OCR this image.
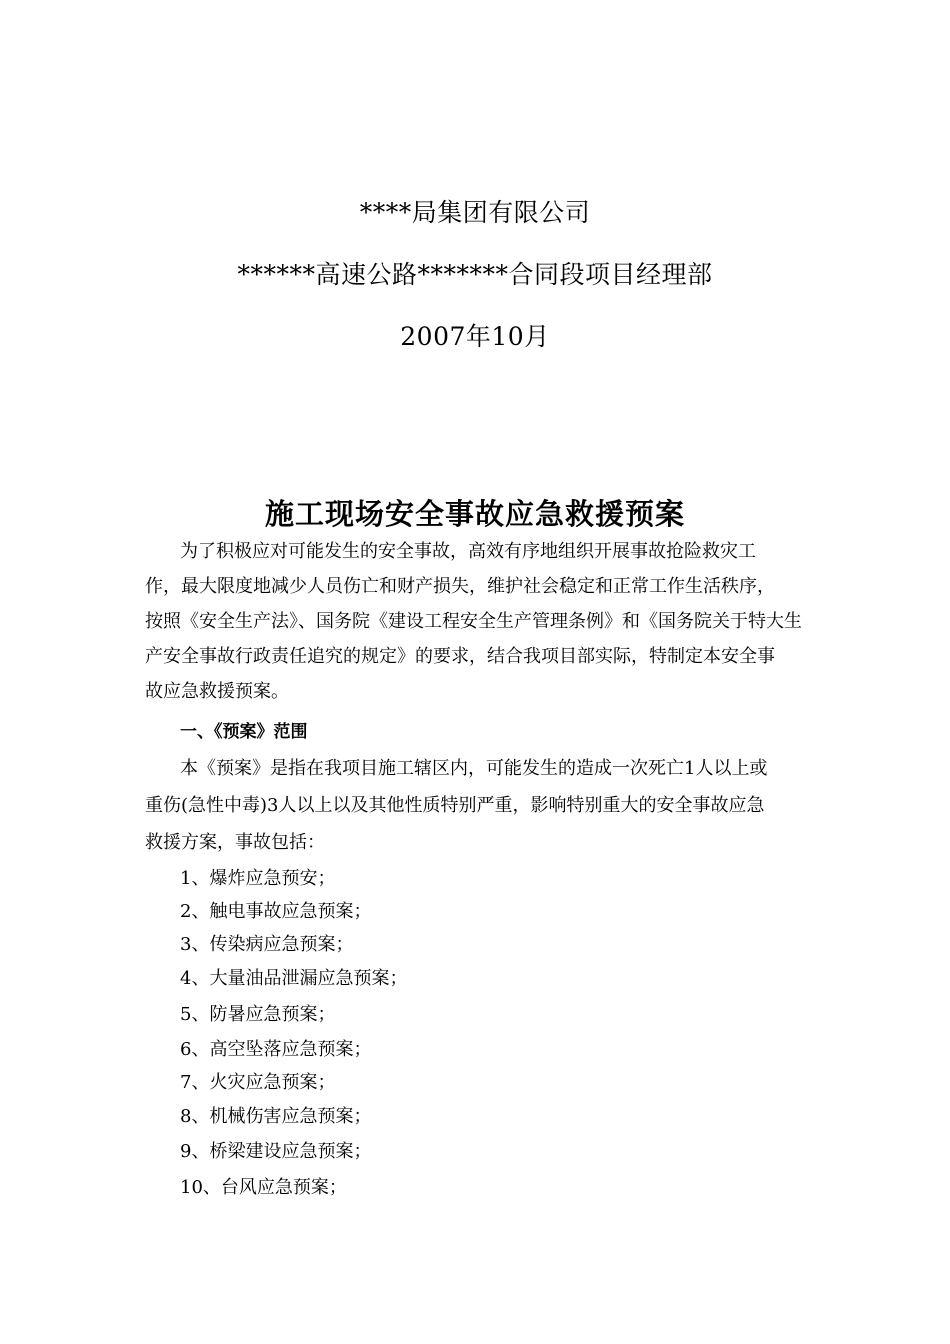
****局集团有限公司
******高速公路*******合同段项目经理部
2007年10月
施工现场安全事故应急救援预案
为了积极应对可能发生的安全事故，高效有序地组织开展事故抢险救灾工
作，最大限度地减少人员伤亡和财产损失，维护社会稳定和正常工作生活秩序，
按照《安全生产法》、国务院《建设工程安全生产管理条例》和《国务院关于特大生
产安全事故行政责任追究的规定》的要求，结合我项目部实际，特制定本安全事
故应急救援预案。
一、《预案》范围
本《预案》是指在我项目施工辖区内，可能发生的造成一次死亡1人以上或
重伤(急性中毒)3人以上以及其他性质特别严重，影响特别重大的安全事故应急
救援方案，事故包括：
1、爆炸应急预安；
2、触电事故应急预案；
3、传染病应急预案；
4、大量油品泄漏应急预案；
5、防暑应急预案；
6、高空坠落应急预案；
7、火灾应急预案；
8、机械伤害应急预案；
9、桥梁建设应急预案；
10、台风应急预案；
